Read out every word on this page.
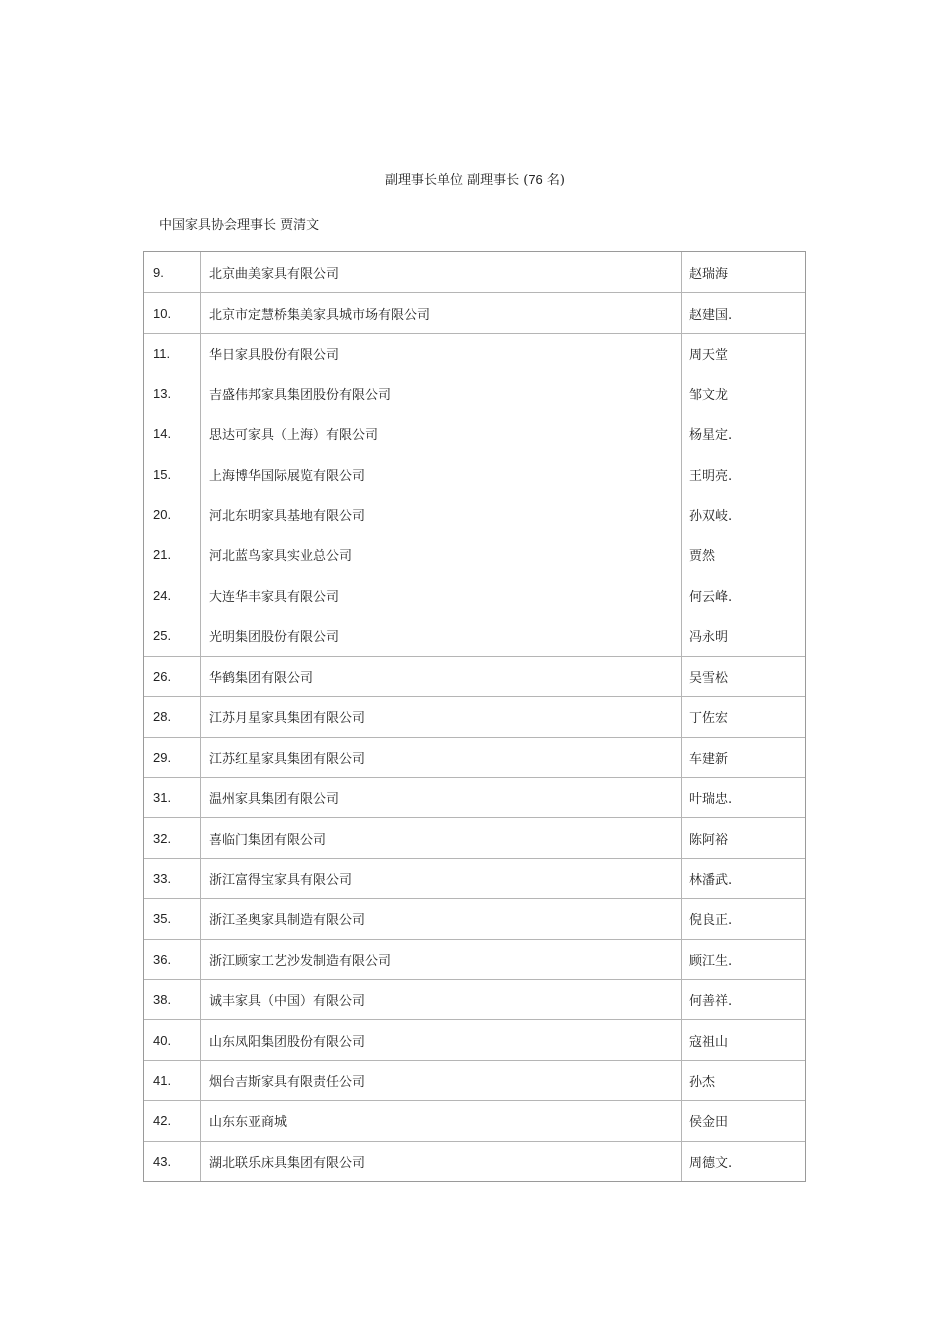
副理事长单位 副理事长 (76 名)
中国家具协会理事长 贾清文
9.	北京曲美家具有限公司	赵瑞海
10.	北京市定慧桥集美家具城市场有限公司	赵建国.
11.	华日家具股份有限公司	周天堂
13.	吉盛伟邦家具集团股份有限公司	邹文龙
14.	思达可家具（上海）有限公司	杨星定.
15.	上海博华国际展览有限公司	王明亮.
20.	河北东明家具基地有限公司	孙双岐.
21.	河北蓝鸟家具实业总公司	贾然
24.	大连华丰家具有限公司	何云峰.
25.	光明集团股份有限公司	冯永明
26.	华鹤集团有限公司	吴雪松
28.	江苏月星家具集团有限公司	丁佐宏
29.	江苏红星家具集团有限公司	车建新
31.	温州家具集团有限公司	叶瑞忠.
32.	喜临门集团有限公司	陈阿裕
33.	浙江富得宝家具有限公司	林潘武.
35.	浙江圣奥家具制造有限公司	倪良正.
36.	浙江顾家工艺沙发制造有限公司	顾江生.
38.	诚丰家具（中国）有限公司	何善祥.
40.	山东凤阳集团股份有限公司	寇祖山
41.	烟台吉斯家具有限责任公司	孙杰
42.	山东东亚商城	侯金田
43.	湖北联乐床具集团有限公司	周德文.
